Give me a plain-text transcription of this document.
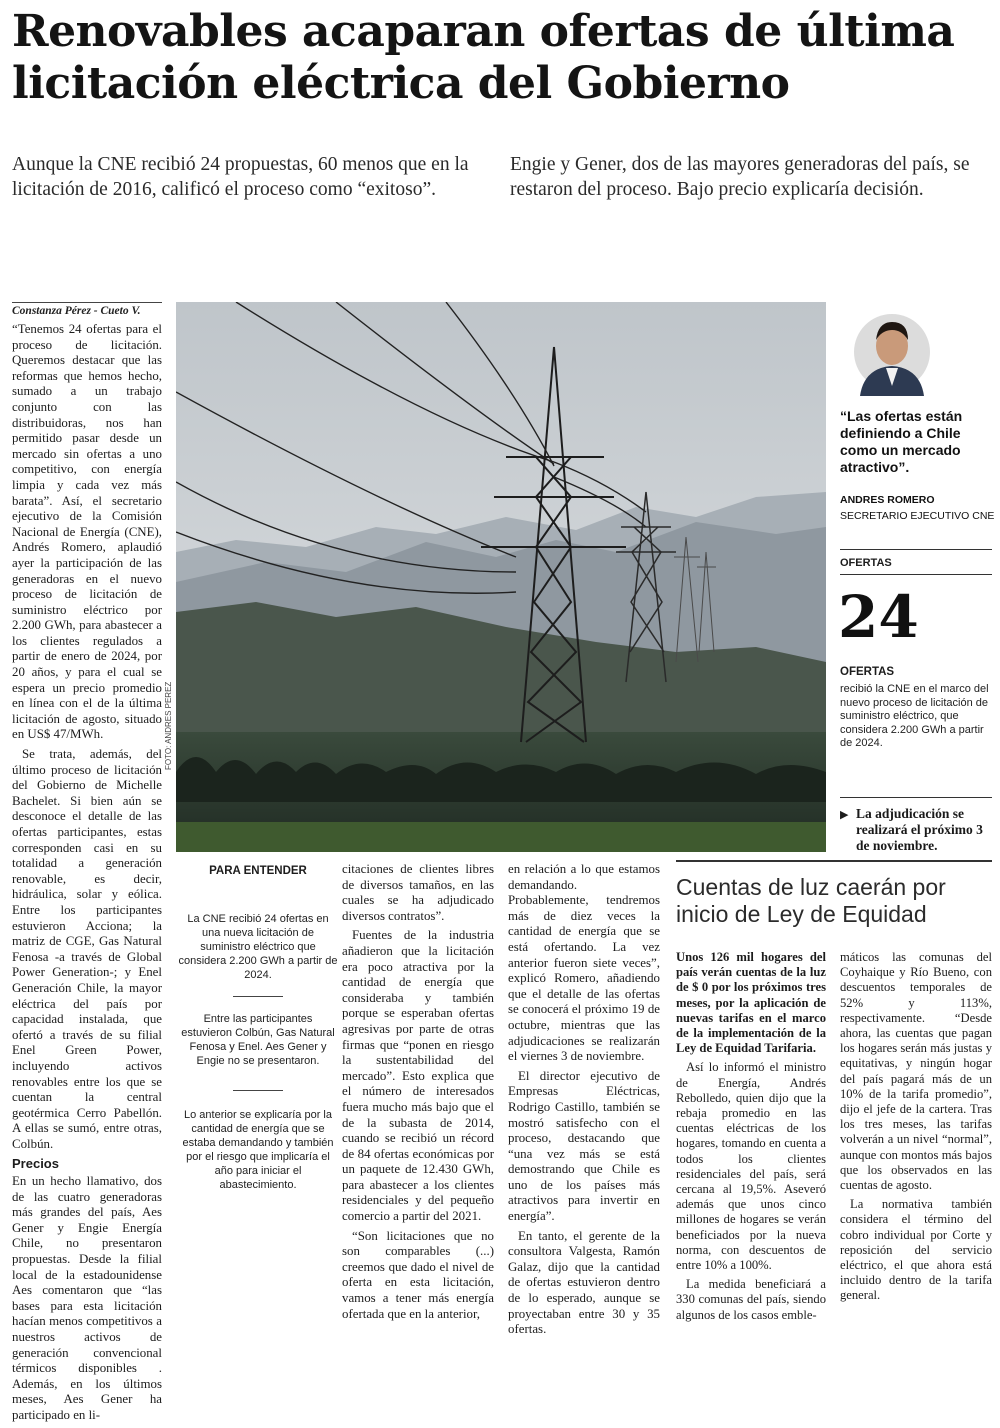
Renovables acaparan ofertas de última licitación eléctrica del Gobierno

Aunque la CNE recibió 24 propuestas, 60 menos que en la licitación de 2016, calificó el proceso como “exitoso”.

Engie y Gener, dos de las mayores generadoras del país, se restaron del proceso. Bajo precio explicaría decisión.

Constanza Pérez - Cueto V.

“Tenemos 24 ofertas para el proceso de licitación. Queremos destacar que las reformas que hemos hecho, sumado a un trabajo conjunto con las distribuidoras, nos han permitido pasar desde un mercado sin ofertas a uno competitivo, con energía limpia y cada vez más barata”. Así, el secretario ejecutivo de la Comisión Nacional de Energía (CNE), Andrés Romero, aplaudió ayer la participación de las generadoras en el nuevo proceso de licitación de suministro eléctrico por 2.200 GWh, para abastecer a los clientes regulados a partir de enero de 2024, por 20 años, y para el cual se espera un precio promedio en línea con el de la última licitación de agosto, situado en US$ 47/MWh.

Se trata, además, del último proceso de licitación del Gobierno de Michelle Bachelet. Si bien aún se desconoce el detalle de las ofertas participantes, estas corresponden casi en su totalidad a generación renovable, es decir, hidráulica, solar y eólica. Entre los participantes estuvieron Acciona; la matriz de CGE, Gas Natural Fenosa -a través de Global Power Generation-; y Enel Generación Chile, la mayor eléctrica del país por capacidad instalada, que ofertó a través de su filial Enel Green Power, incluyendo activos renovables entre los que se cuentan la central geotérmica Cerro Pabellón. A ellas se sumó, entre otras, Colbún.

Precios

En un hecho llamativo, dos de las cuatro generadoras más grandes del país, Aes Gener y Engie Energía Chile, no presentaron propuestas. Desde la filial local de la estadounidense Aes comentaron que “las bases para esta licitación hacían menos competitivos a nuestros activos de generación convencional térmicos disponibles . Además, en los últimos meses, Aes Gener ha participado en li-

FOTO: ANDRES PEREZ
“Las ofertas están definiendo a Chile como un mercado atractivo”.
ANDRES ROMERO
SECRETARIO EJECUTIVO CNE
OFERTAS
24
OFERTAS
recibió la CNE en el marco del nuevo proceso de licitación de suministro eléctrico, que considera 2.200 GWh a partir de 2024.
▶ La adjudicación se realizará el próximo 3 de noviembre.
PARA ENTENDER
La CNE recibió 24 ofertas en una nueva licitación de suministro eléctrico que considera 2.200 GWh a partir de 2024.
Entre las participantes estuvieron Colbún, Gas Natural Fenosa y Enel. Aes Gener y Engie no se presentaron.
Lo anterior se explicaría por la cantidad de energía que se estaba demandando y también por el riesgo que implicaría el año para iniciar el abastecimiento.

citaciones de clientes libres de diversos tamaños, en las cuales se ha adjudicado diversos contratos”.

Fuentes de la industria añadieron que la licitación era poco atractiva por la cantidad de energía que consideraba y también porque se esperaban ofertas agresivas por parte de otras firmas que “ponen en riesgo la sustentabilidad del mercado”. Esto explica que el número de interesados fuera mucho más bajo que el de la subasta de 2014, cuando se recibió un récord de 84 ofertas económicas por un paquete de 12.430 GWh, para abastecer a los clientes residenciales y del pequeño comercio a partir del 2021.

“Son licitaciones que no son comparables (...) creemos que dado el nivel de oferta en esta licitación, vamos a tener más energía ofertada que en la anterior,

en relación a lo que estamos demandando. Probablemente, tendremos más de diez veces la cantidad de energía que se está ofertando. La vez anterior fueron siete veces”, explicó Romero, añadiendo que el detalle de las ofertas se conocerá el próximo 19 de octubre, mientras que las adjudicaciones se realizarán el viernes 3 de noviembre.

El director ejecutivo de Empresas Eléctricas, Rodrigo Castillo, también se mostró satisfecho con el proceso, destacando que “una vez más se está demostrando que Chile es uno de los países más atractivos para invertir en energía”.

En tanto, el gerente de la consultora Valgesta, Ramón Galaz, dijo que la cantidad de ofertas estuvieron dentro de lo esperado, aunque se proyectaban entre 30 y 35 ofertas.

Cuentas de luz caerán por inicio de Ley de Equidad

Unos 126 mil hogares del país verán cuentas de la luz de $ 0 por los próximos tres meses, por la aplicación de nuevas tarifas en el marco de la implementación de la Ley de Equidad Tarifaria.

Así lo informó el ministro de Energía, Andrés Rebolledo, quien dijo que la rebaja promedio en las cuentas eléctricas de los hogares, tomando en cuenta a todos los clientes residenciales del país, será cercana al 19,5%. Aseveró además que unos cinco millones de hogares se verán beneficiados por la nueva norma, con descuentos de entre 10% a 100%.

La medida beneficiará a 330 comunas del país, siendo algunos de los casos emble-

máticos las comunas del Coyhaique y Río Bueno, con descuentos temporales de 52% y 113%, respectivamente. “Desde ahora, las cuentas que pagan los hogares serán más justas y equitativas, y ningún hogar del país pagará más de un 10% de la tarifa promedio”, dijo el jefe de la cartera. Tras los tres meses, las tarifas volverán a un nivel “normal”, aunque con montos más bajos que los observados en las cuentas de agosto.

La normativa también considera el término del cobro individual por Corte y reposición del servicio eléctrico, el que ahora está incluido dentro de la tarifa general.
